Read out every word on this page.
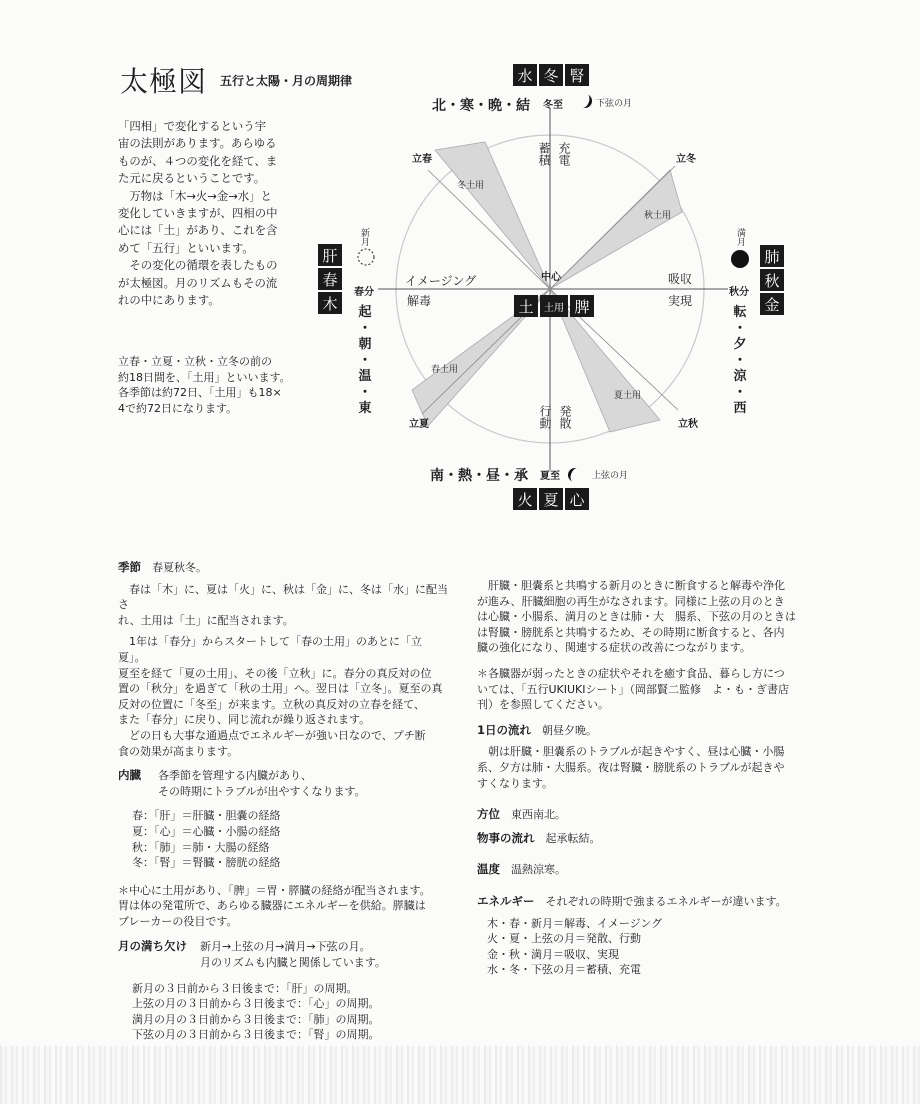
太極図 五行と太陽・月の周期律
「四相」で変化するという宇
宙の法則があります。あらゆる
ものが、４つの変化を経て、ま
た元に戻るということです。
　万物は「木→火→金→水」と
変化していきますが、四相の中
心には「土」があり、これを含
めて「五行」といいます。
　その変化の循環を表したもの
が太極図。月のリズムもその流
れの中にあります。
立春・立夏・立秋・立冬の前の
約18日間を、「土用」といいます。
各季節は約72日、「土用」も18×
4で約72日になります。
水 冬 腎
北・寒・晩・結 冬至	下弦の月
南・熱・昼・承 夏至	上弦の月
火 夏 心
肝
春
木
春分
新月
起
・
朝
・
温
・
東
肺
秋
金
秋分
満月
転
・
夕
・
涼
・
西
中心
土	土用 脾
立春	立冬
立夏	立秋
冬土用
秋土用
春土用
夏土用
蓄積 充電
イメージング
解毒
吸収
実現
行動 発散
季節　 春夏秋冬。
　春は「木」に、夏は「火」に、秋は「金」に、冬は「水」に配当さ
れ、土用は「土」に配当されます。
　1年は「春分」からスタートして「春の土用」のあとに「立夏」。
夏至を経て「夏の土用」、その後「立秋」に。春分の真反対の位
置の「秋分」を過ぎて「秋の土用」へ。翌日は「立冬」。夏至の真
反対の位置に「冬至」が来ます。立秋の真反対の立春を経て、
また「春分」に戻り、同じ流れが繰り返されます。
　どの日も大事な通過点でエネルギーが強い日なので、プチ断
食の効果が高まります。
内臓	各季節を管理する内臓があり、
その時期にトラブルが出やすくなります。
春：「肝」＝肝臓・胆嚢の経絡
夏：「心」＝心臓・小腸の経絡
秋：「肺」＝肺・大腸の経絡
冬：「腎」＝腎臓・膀胱の経絡
＊中心に土用があり、「脾」＝胃・膵臓の経絡が配当されます。
胃は体の発電所で、あらゆる臓器にエネルギーを供給。膵臓は
ブレーカーの役目です。
月の満ち欠け	新月→上弦の月→満月→下弦の月。
月のリズムも内臓と関係しています。
新月の３日前から３日後まで：「肝」の周期。
上弦の月の３日前から３日後まで：「心」の周期。
満月の月の３日前から３日後まで：「肺」の周期。
下弦の月の３日前から３日後まで：「腎」の周期。
　肝臓・胆嚢系と共鳴する新月のときに断食すると解毒や浄化
が進み、肝臓細胞の再生がなされます。同様に上弦の月のとき
は心臓・小腸系、満月のときは肺・大　腸系、下弦の月のときは
は腎臓・膀胱系と共鳴するため、その時期に断食すると、各内
臓の強化になり、関連する症状の改善につながります。
＊各臓器が弱ったときの症状やそれを癒す食品、暮らし方につ
いては、「五行UKIUKIシート」（岡部賢二監修　よ・も・ぎ書店
刊）を参照してください。
1日の流れ　 朝昼夕晩。
　朝は肝臓・胆嚢系のトラブルが起きやすく、昼は心臓・小腸
系、夕方は肺・大腸系。夜は腎臓・膀胱系のトラブルが起きや
すくなります。
方位　 東西南北。
物事の流れ　 起承転結。
温度　 温熱涼寒。
エネルギー　 それぞれの時期で強まるエネルギーが違います。
木・春・新月＝解毒、イメージング
火・夏・上弦の月＝発散、行動
金・秋・満月＝吸収、実現
水・冬・下弦の月＝蓄積、充電
